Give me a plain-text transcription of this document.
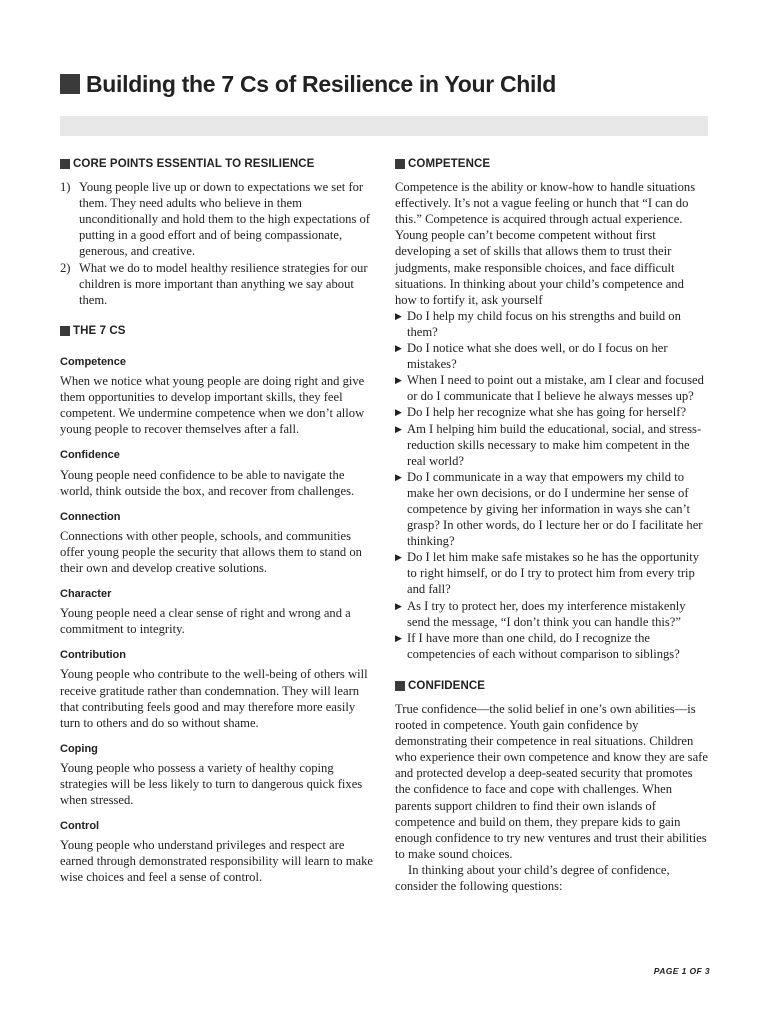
Building the 7 Cs of Resilience in Your Child
CORE POINTS ESSENTIAL TO RESILIENCE
1) Young people live up or down to expectations we set for them. They need adults who believe in them unconditionally and hold them to the high expectations of putting in a good effort and of being compassionate, generous, and creative.
2) What we do to model healthy resilience strategies for our children is more important than anything we say about them.
THE 7 CS
Competence

When we notice what young people are doing right and give them opportunities to develop important skills, they feel competent. We undermine competence when we don’t allow young people to recover themselves after a fall.

Confidence

Young people need confidence to be able to navigate the world, think outside the box, and recover from challenges.

Connection

Connections with other people, schools, and communities offer young people the security that allows them to stand on their own and develop creative solutions.

Character

Young people need a clear sense of right and wrong and a commitment to integrity.

Contribution

Young people who contribute to the well-being of others will receive gratitude rather than condemnation. They will learn that contributing feels good and may therefore more easily turn to others and do so without shame.

Coping

Young people who possess a variety of healthy coping strategies will be less likely to turn to dangerous quick fixes when stressed.

Control

Young people who understand privileges and respect are earned through demonstrated responsibility will learn to make wise choices and feel a sense of control.

COMPETENCE

Competence is the ability or know-how to handle situations effectively. It’s not a vague feeling or hunch that “I can do this.” Competence is acquired through actual experience. Young people can’t become competent without first developing a set of skills that allows them to trust their judgments, make responsible choices, and face difficult situations. In thinking about your child’s competence and how to fortify it, ask yourself

▶ Do I help my child focus on his strengths and build on them?
▶ Do I notice what she does well, or do I focus on her mistakes?
▶ When I need to point out a mistake, am I clear and focused or do I communicate that I believe he always messes up?
▶ Do I help her recognize what she has going for herself?
▶ Am I helping him build the educational, social, and stress-reduction skills necessary to make him competent in the real world?
▶ Do I communicate in a way that empowers my child to make her own decisions, or do I undermine her sense of competence by giving her information in ways she can’t grasp? In other words, do I lecture her or do I facilitate her thinking?
▶ Do I let him make safe mistakes so he has the opportunity to right himself, or do I try to protect him from every trip and fall?
▶ As I try to protect her, does my interference mistakenly send the message, “I don’t think you can handle this?”
▶ If I have more than one child, do I recognize the competencies of each without comparison to siblings?
CONFIDENCE

True confidence—the solid belief in one’s own abilities—is rooted in competence. Youth gain confidence by demonstrating their competence in real situations. Children who experience their own competence and know they are safe and protected develop a deep-seated security that promotes the confidence to face and cope with challenges. When parents support children to find their own islands of competence and build on them, they prepare kids to gain enough confidence to try new ventures and trust their abilities to make sound choices.

In thinking about your child’s degree of confidence, consider the following questions:

PAGE 1 OF 3
